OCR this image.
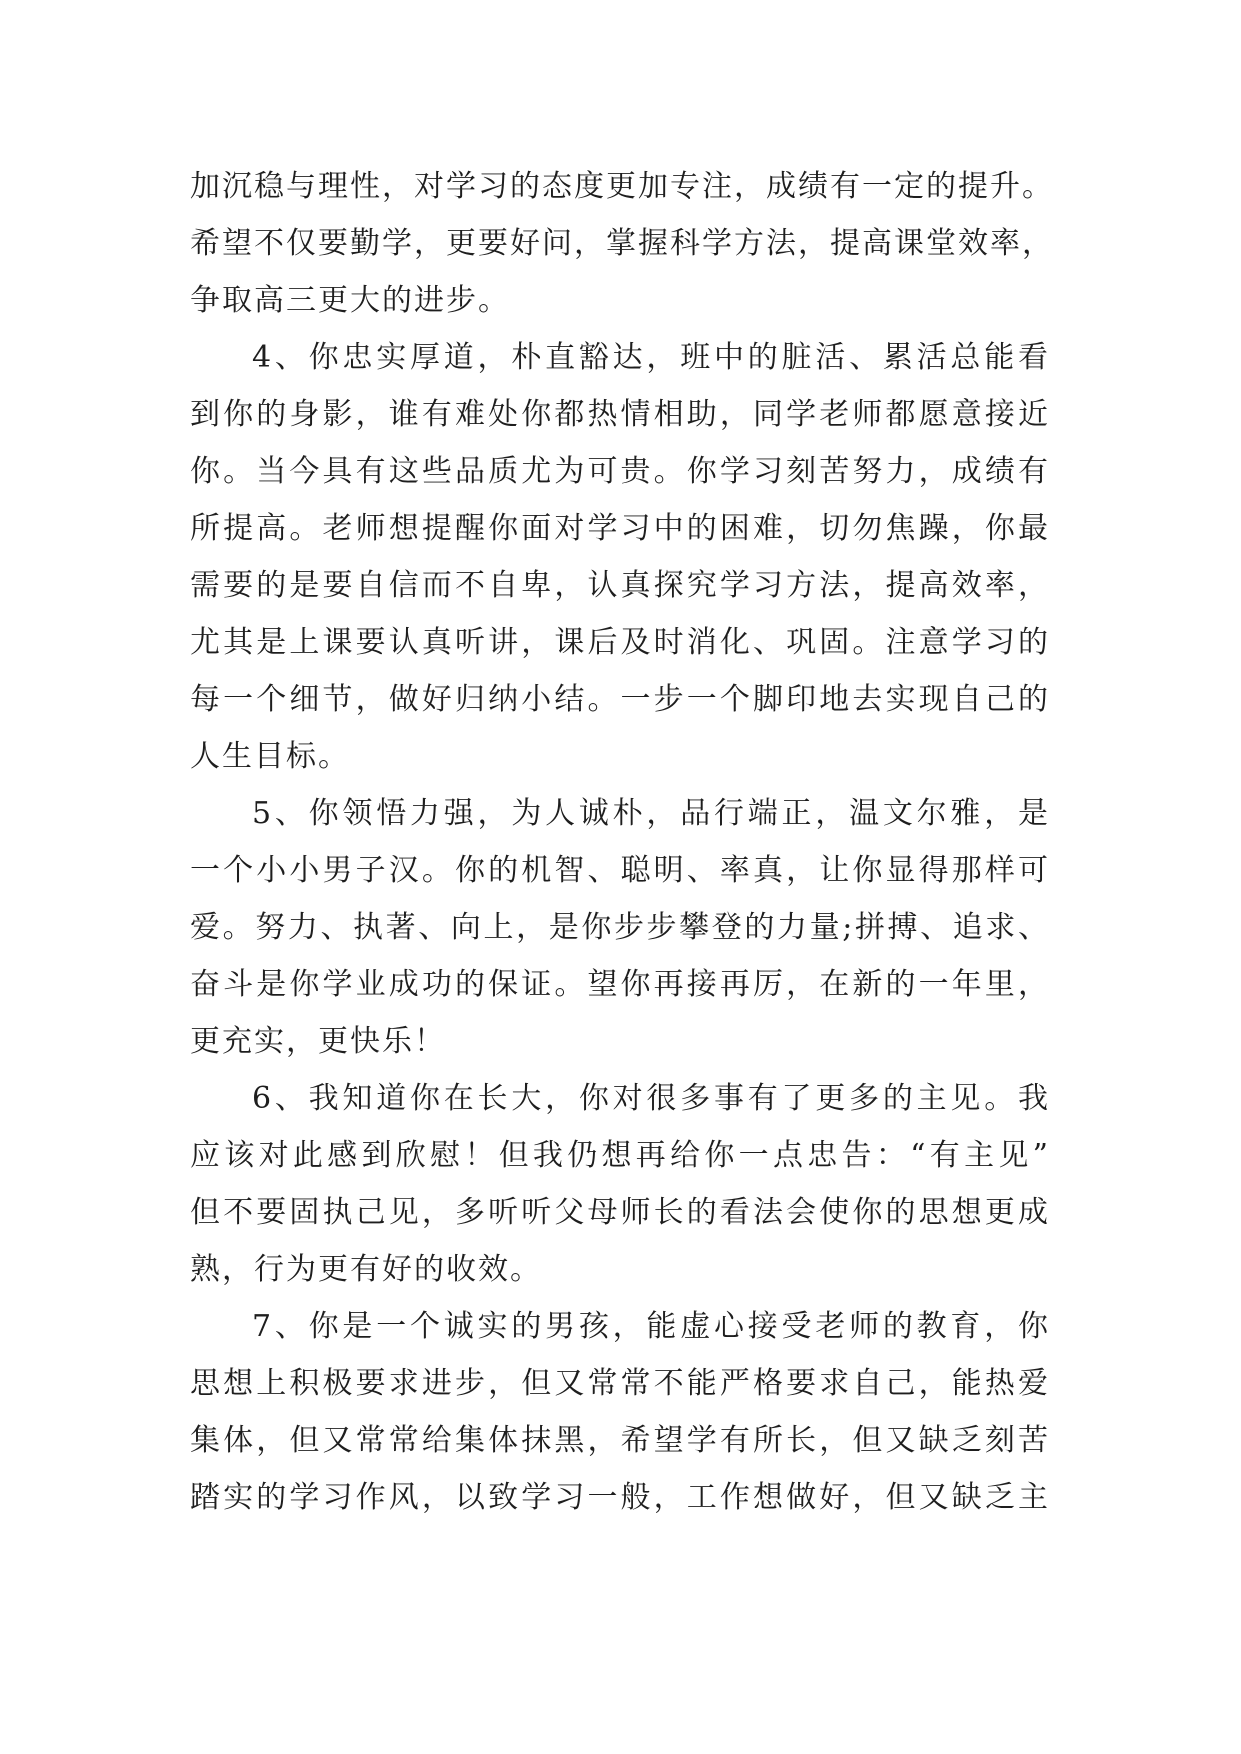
加沉稳与理性，对学习的态度更加专注，成绩有一定的提升。
希望不仅要勤学，更要好问，掌握科学方法，提高课堂效率，
争取高三更大的进步。
4、你忠实厚道，朴直豁达，班中的脏活、累活总能看
到你的身影，谁有难处你都热情相助，同学老师都愿意接近
你。当今具有这些品质尤为可贵。你学习刻苦努力，成绩有
所提高。老师想提醒你面对学习中的困难，切勿焦躁，你最
需要的是要自信而不自卑，认真探究学习方法，提高效率，
尤其是上课要认真听讲，课后及时消化、巩固。注意学习的
每一个细节，做好归纳小结。一步一个脚印地去实现自己的
人生目标。
5、你领悟力强，为人诚朴，品行端正，温文尔雅，是
一个小小男子汉。你的机智、聪明、率真，让你显得那样可
爱。努力、执著、向上，是你步步攀登的力量;拼搏、追求、
奋斗是你学业成功的保证。望你再接再厉，在新的一年里，
更充实，更快乐！
6、我知道你在长大，你对很多事有了更多的主见。我
应该对此感到欣慰！但我仍想再给你一点忠告：“有主见”
但不要固执己见，多听听父母师长的看法会使你的思想更成
熟，行为更有好的收效。
7、你是一个诚实的男孩，能虚心接受老师的教育，你
思想上积极要求进步，但又常常不能严格要求自己，能热爱
集体，但又常常给集体抹黑，希望学有所长，但又缺乏刻苦
踏实的学习作风，以致学习一般，工作想做好，但又缺乏主
